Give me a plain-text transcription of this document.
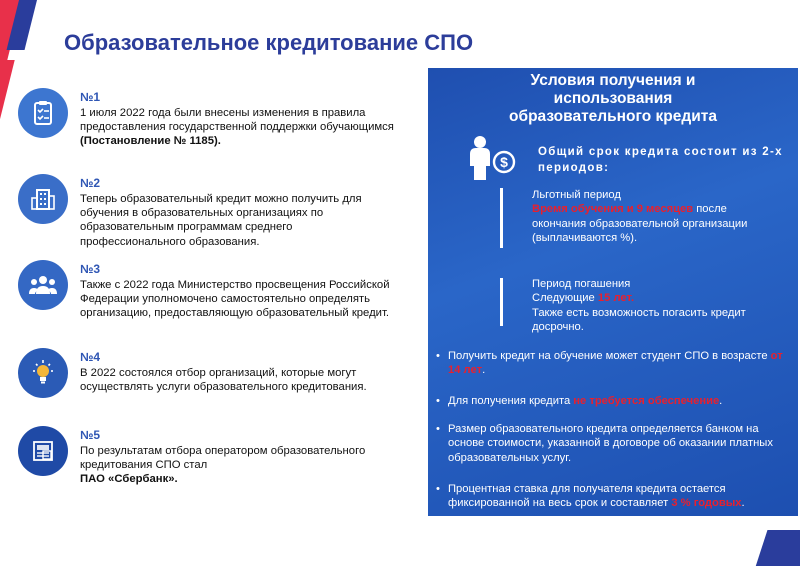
Образовательное кредитование СПО
№1
1 июля 2022 года были внесены изменения в правила предоставления государственной поддержки обучающимся
(Постановление № 1185).
№2
Теперь образовательный кредит можно получить для обучения в образовательных организациях по образовательным программам среднего профессионального образования.
№3
Также с 2022 года Министерство просвещения Российской Федерации уполномочено самостоятельно определять организацию, предоставляющую образовательный кредит.
№4
В 2022 состоялся отбор организаций, которые могут осуществлять услуги образовательного кредитования.
№5
По результатам отбора оператором образовательного кредитования СПО стал
ПАО «Сбербанк».
Условия получения и
использования
образовательного кредита
$
Общий срок кредита состоит из 2-х периодов:
Льготный период
Время обучения и 9 месяцев после окончания образовательной организации (выплачиваются %).
Период погашения
Следующие 15 лет.
Также есть возможность погасить кредит досрочно.
• Получить кредит на обучение может студент СПО в возрасте от 14 лет.
• Для получения кредита не требуется обеспечение.
• Размер образовательного кредита определяется банком на основе стоимости, указанной в договоре об оказании платных образовательных услуг.
• Процентная ставка для получателя кредита остается фиксированной на весь срок и составляет 3 % годовых.
